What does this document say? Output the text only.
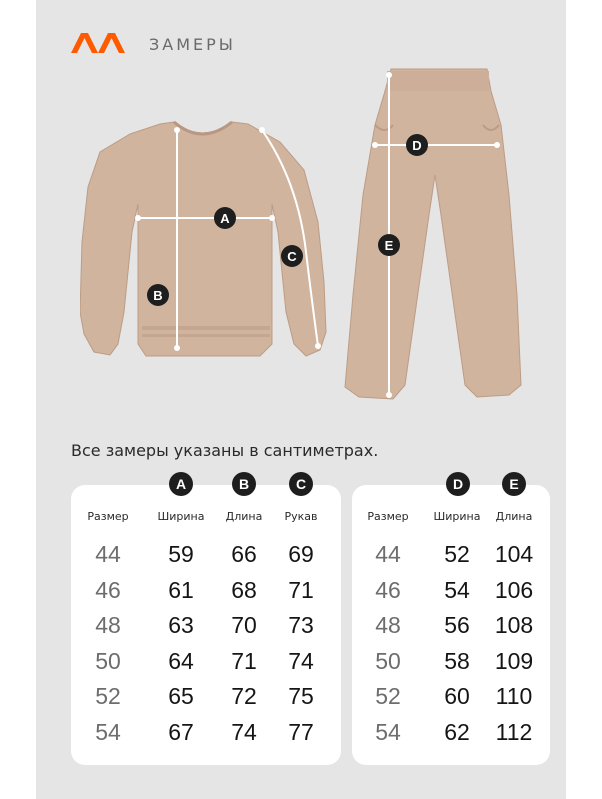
ЗАМЕРЫ
A
B
C
D
E
Все замеры указаны в сантиметрах.
A	B	C
Размер	Ширина	Длина	Рукав
44	59	66	69
46	61	68	71
48	63	70	73
50	64	71	74
52	65	72	75
54	67	74	77
D	E
Размер	Ширина	Длина
44	52	104
46	54	106
48	56	108
50	58	109
52	60	110
54	62	112
